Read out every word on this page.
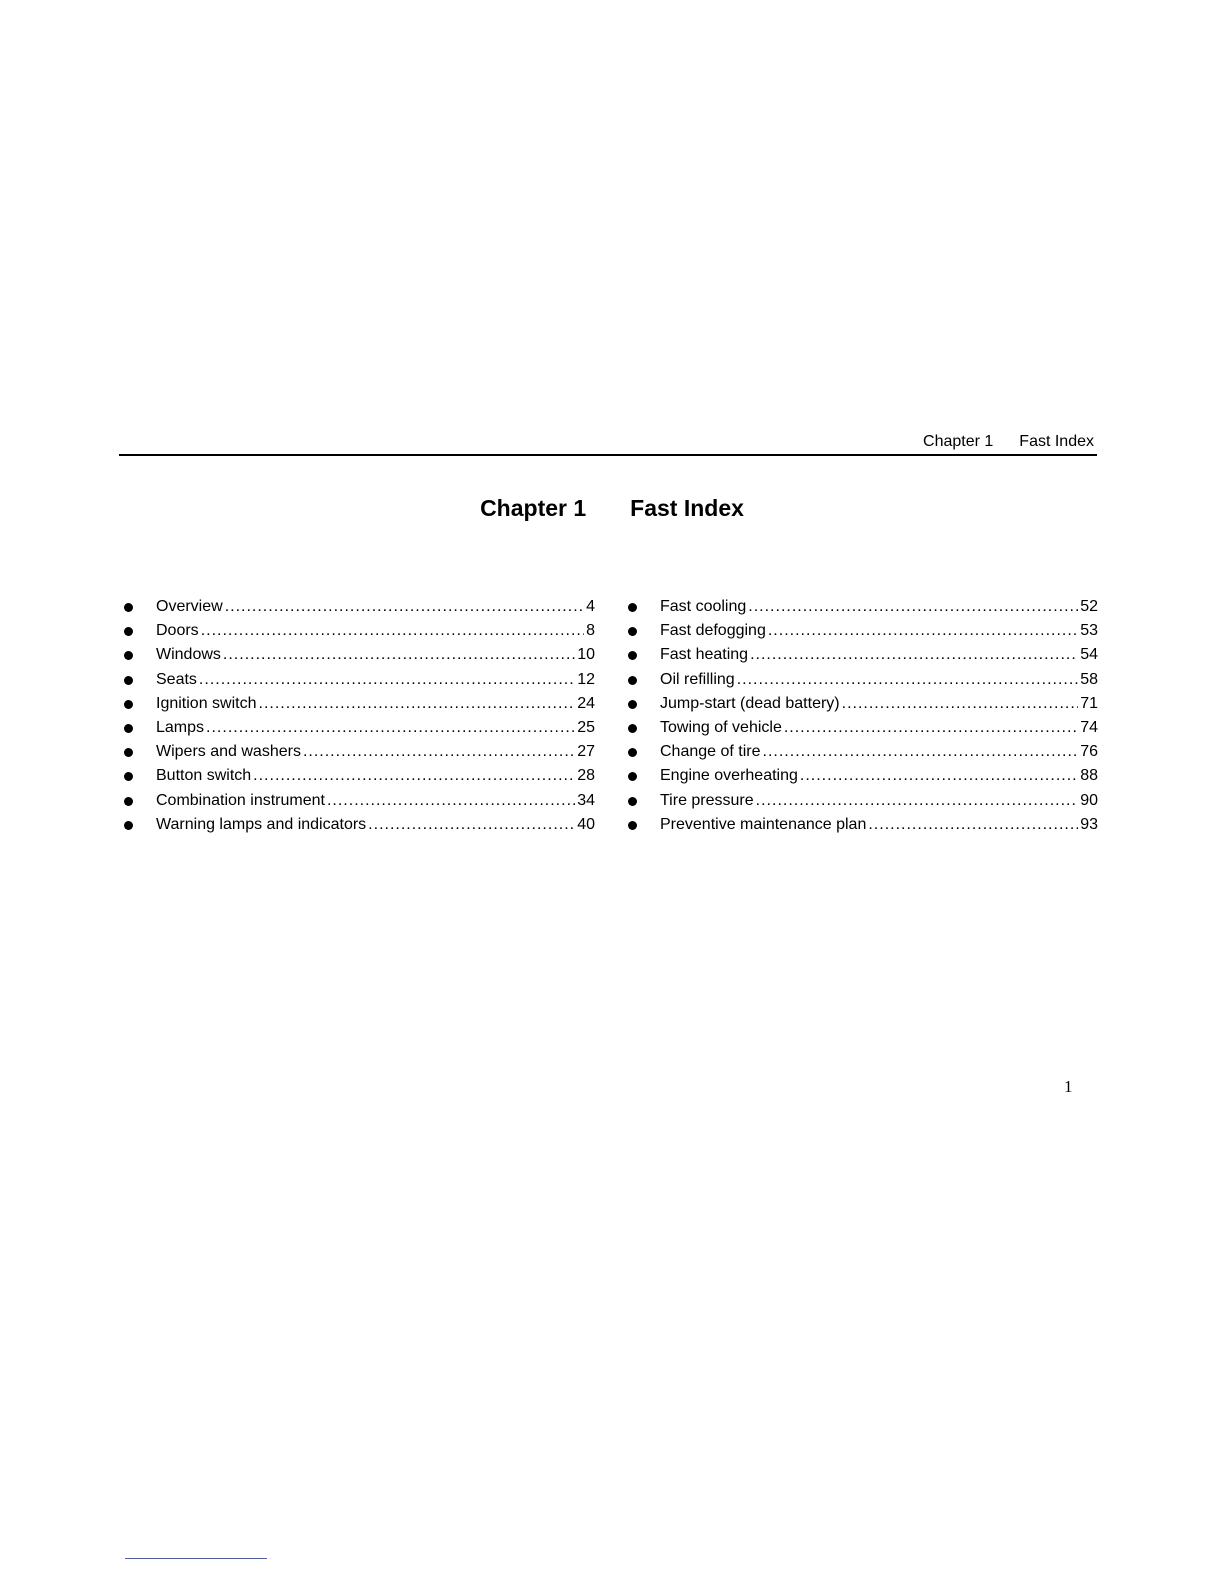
Chapter 1 Fast Index
Chapter 1 Fast Index
Overview .....	4
Doors .....	8
Windows .....	10
Seats .....	12
Ignition switch .....	24
Lamps .....	25
Wipers and washers .....	27
Button switch .....	28
Combination instrument .....	34
Warning lamps and indicators .....	40
Fast cooling .....	52
Fast defogging .....	53
Fast heating .....	54
Oil refilling .....	58
Jump-start (dead battery) .....	71
Towing of vehicle .....	74
Change of tire .....	76
Engine overheating .....	88
Tire pressure .....	90
Preventive maintenance plan .....	93
1
